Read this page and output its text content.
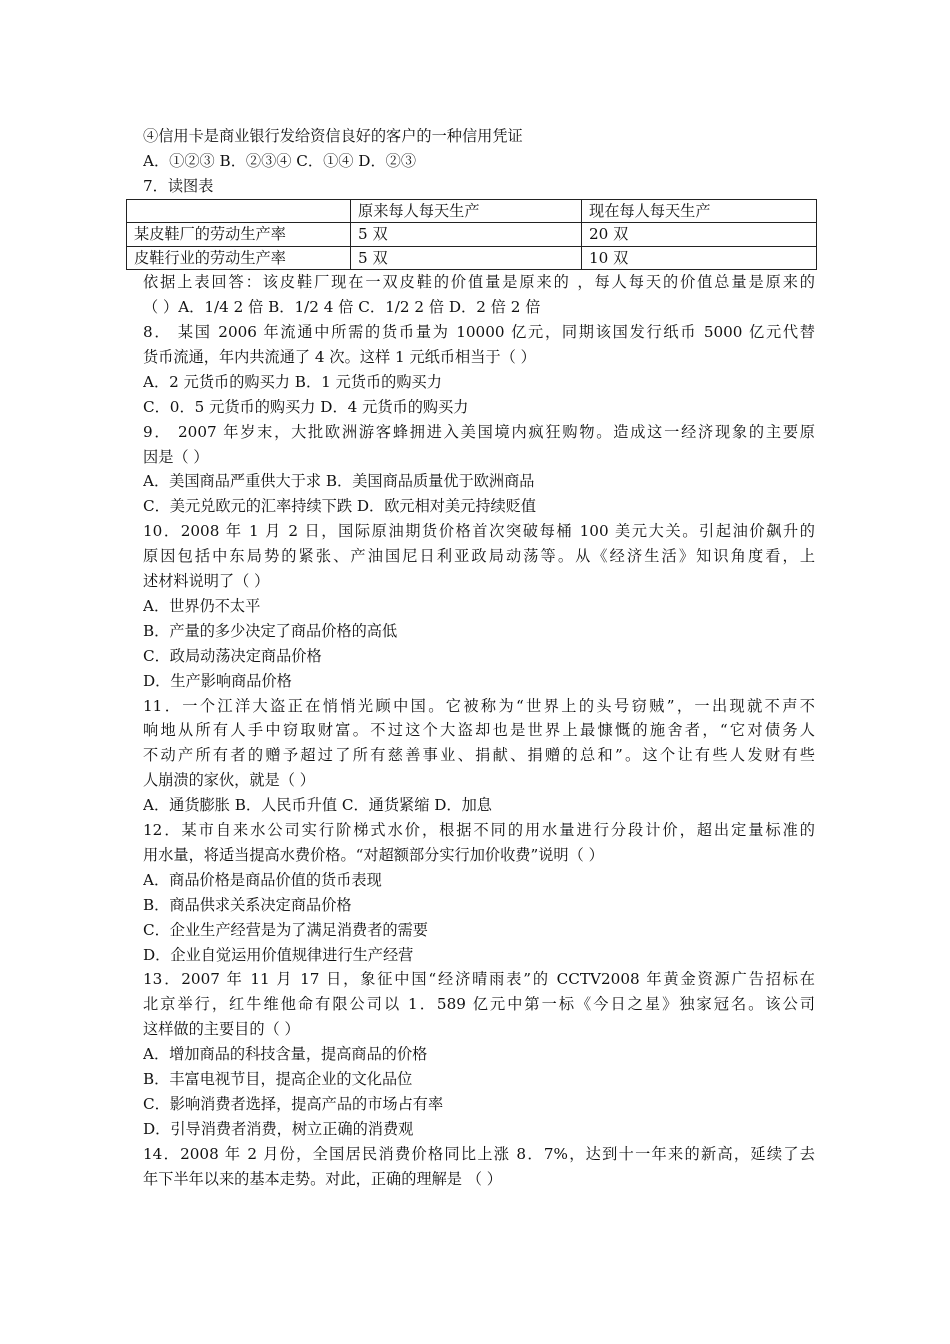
④信用卡是商业银行发给资信良好的客户的一种信用凭证
A．①②③ B．②③④ C．①④ D．②③
7．读图表
	原来每人每天生产	现在每人每天生产
某皮鞋厂的劳动生产率	5 双	20 双
皮鞋行业的劳动生产率	5 双	10 双
依据上表回答：该皮鞋厂现在一双皮鞋的价值量是原来的 ，每人每天的价值总量是原来的
（ ）A．1/4 2 倍 B．1/2 4 倍 C．1/2 2 倍 D．2 倍 2 倍
8． 某国 2006 年流通中所需的货币量为 10000 亿元，同期该国发行纸币 5000 亿元代替
货币流通，年内共流通了 4 次。这样 1 元纸币相当于（ ）
A．2 元货币的购买力 B．1 元货币的购买力
C．0．5 元货币的购买力 D．4 元货币的购买力
9． 2007 年岁末，大批欧洲游客蜂拥进入美国境内疯狂购物。造成这一经济现象的主要原
因是（ ）
A．美国商品严重供大于求 B．美国商品质量优于欧洲商品
C．美元兑欧元的汇率持续下跌 D．欧元相对美元持续贬值
10．2008 年 1 月 2 日，国际原油期货价格首次突破每桶 100 美元大关。引起油价飙升的
原因包括中东局势的紧张、产油国尼日利亚政局动荡等。从《经济生活》知识角度看，上
述材料说明了（ ）
A．世界仍不太平
B．产量的多少决定了商品价格的高低
C．政局动荡决定商品价格
D．生产影响商品价格
11．一个江洋大盗正在悄悄光顾中国。它被称为“世界上的头号窃贼”，一出现就不声不
响地从所有人手中窃取财富。不过这个大盗却也是世界上最慷慨的施舍者，“它对债务人
不动产所有者的赠予超过了所有慈善事业、捐献、捐赠的总和”。这个让有些人发财有些
人崩溃的家伙，就是（ ）
A．通货膨胀 B．人民币升值 C．通货紧缩 D．加息
12．某市自来水公司实行阶梯式水价，根据不同的用水量进行分段计价，超出定量标准的
用水量，将适当提高水费价格。“对超额部分实行加价收费”说明（ ）
A．商品价格是商品价值的货币表现
B．商品供求关系决定商品价格
C．企业生产经营是为了满足消费者的需要
D．企业自觉运用价值规律进行生产经营
13．2007 年 11 月 17 日，象征中国“经济晴雨表”的 CCTV2008 年黄金资源广告招标在
北京举行，红牛维他命有限公司以 1．589 亿元中第一标《今日之星》独家冠名。该公司
这样做的主要目的（ ）
A．增加商品的科技含量，提高商品的价格
B．丰富电视节目，提高企业的文化品位
C．影响消费者选择，提高产品的市场占有率
D．引导消费者消费，树立正确的消费观
14．2008 年 2 月份，全国居民消费价格同比上涨 8．7%，达到十一年来的新高，延续了去
年下半年以来的基本走势。对此，正确的理解是 （ ）
